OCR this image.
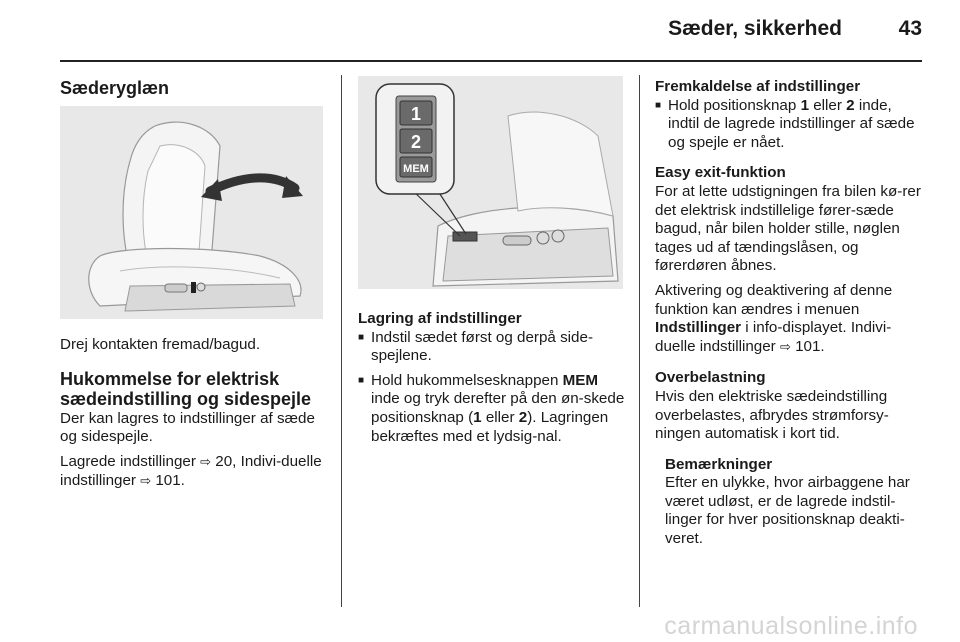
Sæder, sikkerhed	43
Sæderyglæn

Drej kontakten fremad/bagud.

Hukommelse for elektrisk sædeindstilling og sidespejle

Der kan lagres to indstillinger af sæde og sidespejle.

Lagrede indstillinger ⇨ 20, Indivi-duelle indstillinger ⇨ 101.

1
2
MEM
Lagring af indstillinger
■ Indstil sædet først og derpå side-spejlene.
■ Hold hukommelsesknappen MEM inde og tryk derefter på den øn-skede positionsknap (1 eller 2). Lagringen bekræftes med et lydsig-nal.
Fremkaldelse af indstillinger
■ Hold positionsknap 1 eller 2 inde, indtil de lagrede indstillinger af sæde og spejle er nået.
Easy exit-funktion

For at lette udstigningen fra bilen kø-rer det elektrisk indstillelige fører-sæde bagud, når bilen holder stille, nøglen tages ud af tændingslåsen, og førerdøren åbnes.

Aktivering og deaktivering af denne funktion kan ændres i menuen Indstillinger i info-displayet. Indivi-duelle indstillinger ⇨ 101.

Overbelastning

Hvis den elektriske sædeindstilling overbelastes, afbrydes strømforsy-ningen automatisk i kort tid.

Bemærkninger

Efter en ulykke, hvor airbaggene har været udløst, er de lagrede indstil-linger for hver positionsknap deakti-veret.

carmanualsonline.info
